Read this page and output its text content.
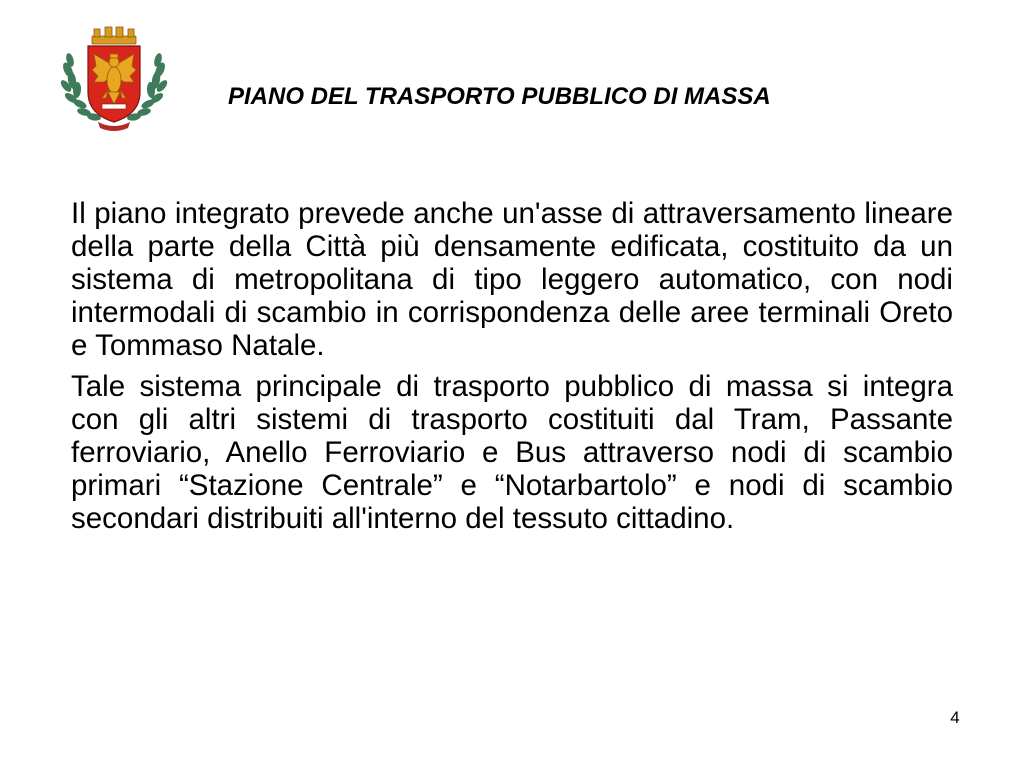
PIANO DEL TRASPORTO PUBBLICO DI MASSA

Il piano integrato prevede anche un'asse di attraversamento lineare della parte della Città più densamente edificata, costituito da un sistema di metropolitana di tipo leggero automatico, con nodi intermodali di scambio in corrispondenza delle aree terminali Oreto e Tommaso Natale.

Tale sistema principale di trasporto pubblico di massa si integra con gli altri sistemi di trasporto costituiti dal Tram, Passante ferroviario, Anello Ferroviario e Bus attraverso nodi di scambio primari “Stazione Centrale” e “Notarbartolo” e nodi di scambio secondari distribuiti all'interno del tessuto cittadino.

4
